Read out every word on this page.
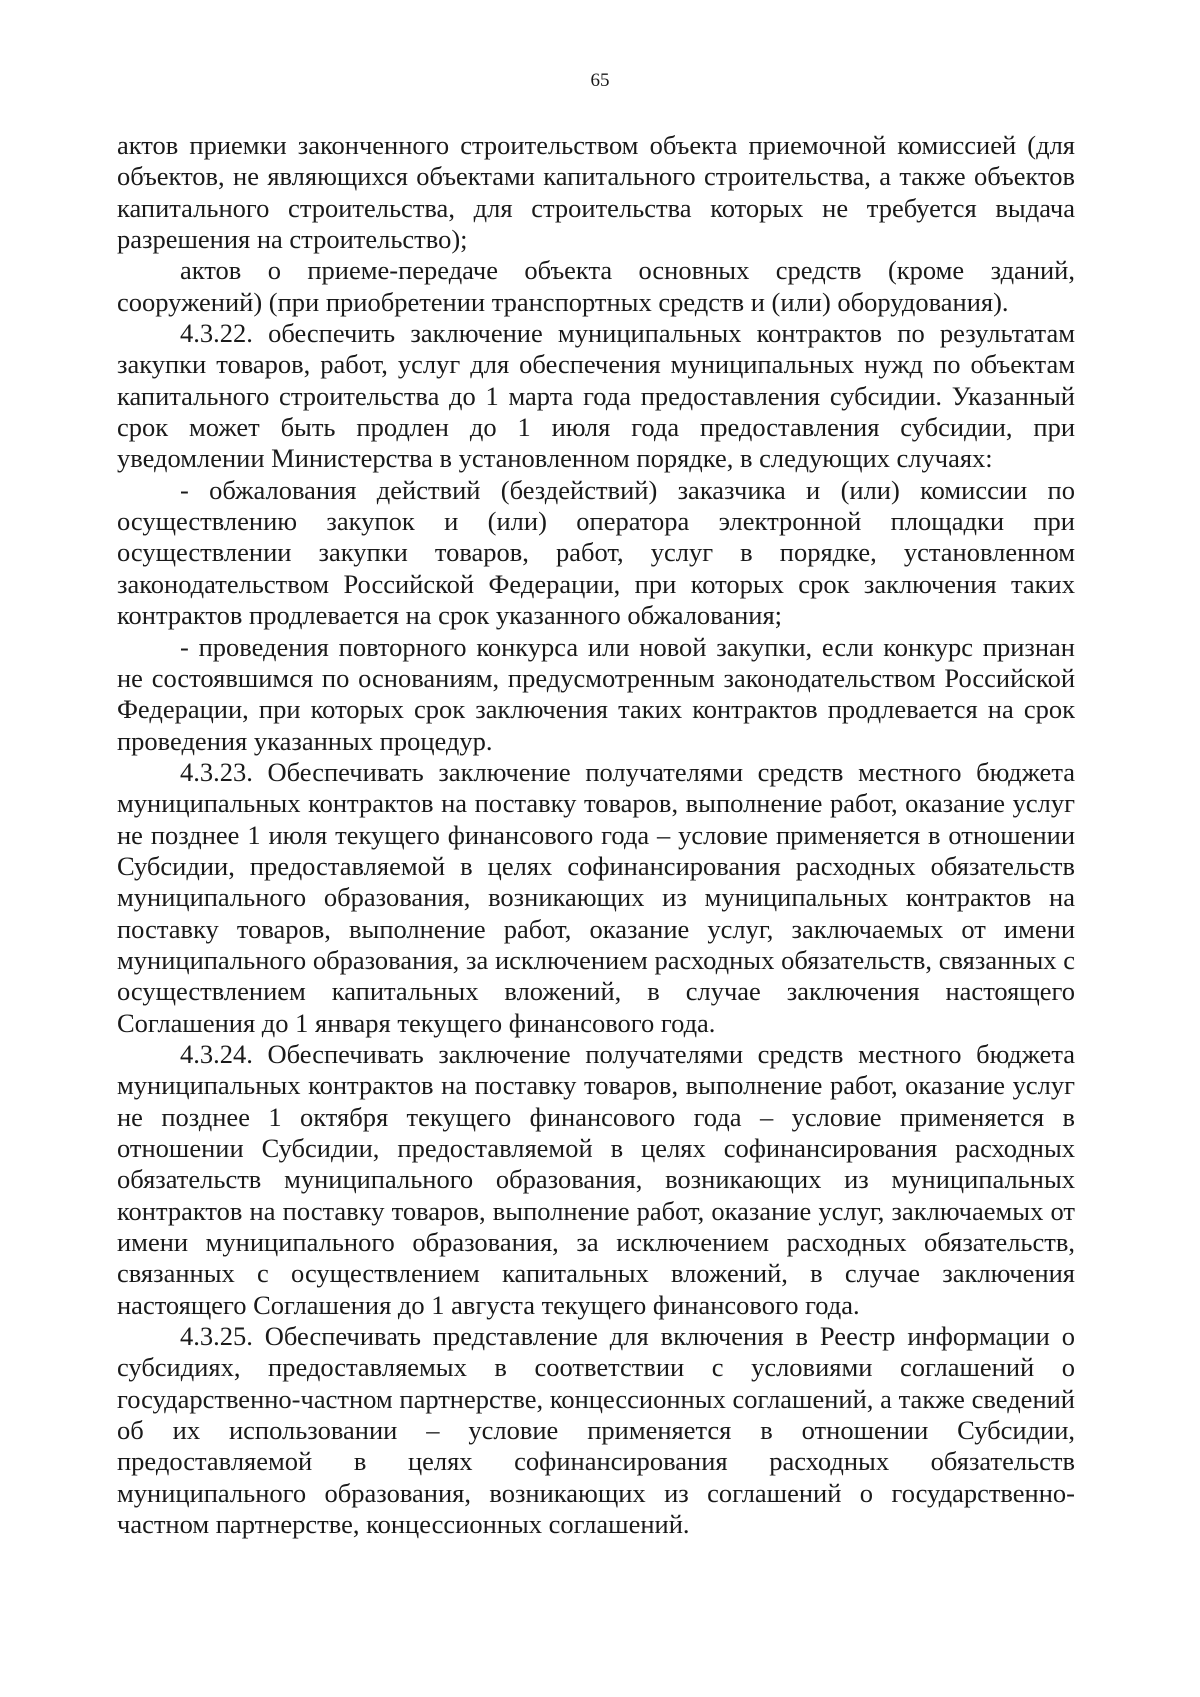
65

актов приемки законченного строительством объекта приемочной комиссией (для объектов, не являющихся объектами капитального строительства, а также объектов капитального строительства, для строительства которых не требуется выдача разрешения на строительство);

актов о приеме-передаче объекта основных средств (кроме зданий, сооружений) (при приобретении транспортных средств и (или) оборудования).

4.3.22. обеспечить заключение муниципальных контрактов по результатам закупки товаров, работ, услуг для обеспечения муниципальных нужд по объектам капитального строительства до 1 марта года предоставления субсидии. Указанный срок может быть продлен до 1 июля года предоставления субсидии, при уведомлении Министерства в установленном порядке, в следующих случаях:

- обжалования действий (бездействий) заказчика и (или) комиссии по осуществлению закупок и (или) оператора электронной площадки при осуществлении закупки товаров, работ, услуг в порядке, установленном законодательством Российской Федерации, при которых срок заключения таких контрактов продлевается на срок указанного обжалования;

- проведения повторного конкурса или новой закупки, если конкурс признан не состоявшимся по основаниям, предусмотренным законодательством Российской Федерации, при которых срок заключения таких контрактов продлевается на срок проведения указанных процедур.

4.3.23. Обеспечивать заключение получателями средств местного бюджета муниципальных контрактов на поставку товаров, выполнение работ, оказание услуг не позднее 1 июля текущего финансового года – условие применяется в отношении Субсидии, предоставляемой в целях софинансирования расходных обязательств муниципального образования, возникающих из муниципальных контрактов на поставку товаров, выполнение работ, оказание услуг, заключаемых от имени муниципального образования, за исключением расходных обязательств, связанных с осуществлением капитальных вложений, в случае заключения настоящего Соглашения до 1 января текущего финансового года.

4.3.24. Обеспечивать заключение получателями средств местного бюджета муниципальных контрактов на поставку товаров, выполнение работ, оказание услуг не позднее 1 октября текущего финансового года – условие применяется в отношении Субсидии, предоставляемой в целях софинансирования расходных обязательств муниципального образования, возникающих из муниципальных контрактов на поставку товаров, выполнение работ, оказание услуг, заключаемых от имени муниципального образования, за исключением расходных обязательств, связанных с осуществлением капитальных вложений, в случае заключения настоящего Соглашения до 1 августа текущего финансового года.

4.3.25. Обеспечивать представление для включения в Реестр информации о субсидиях, предоставляемых в соответствии с условиями соглашений о государственно-частном партнерстве, концессионных соглашений, а также сведений об их использовании – условие применяется в отношении Субсидии, предоставляемой в целях софинансирования расходных обязательств муниципального образования, возникающих из соглашений о государственно-частном партнерстве, концессионных соглашений.
